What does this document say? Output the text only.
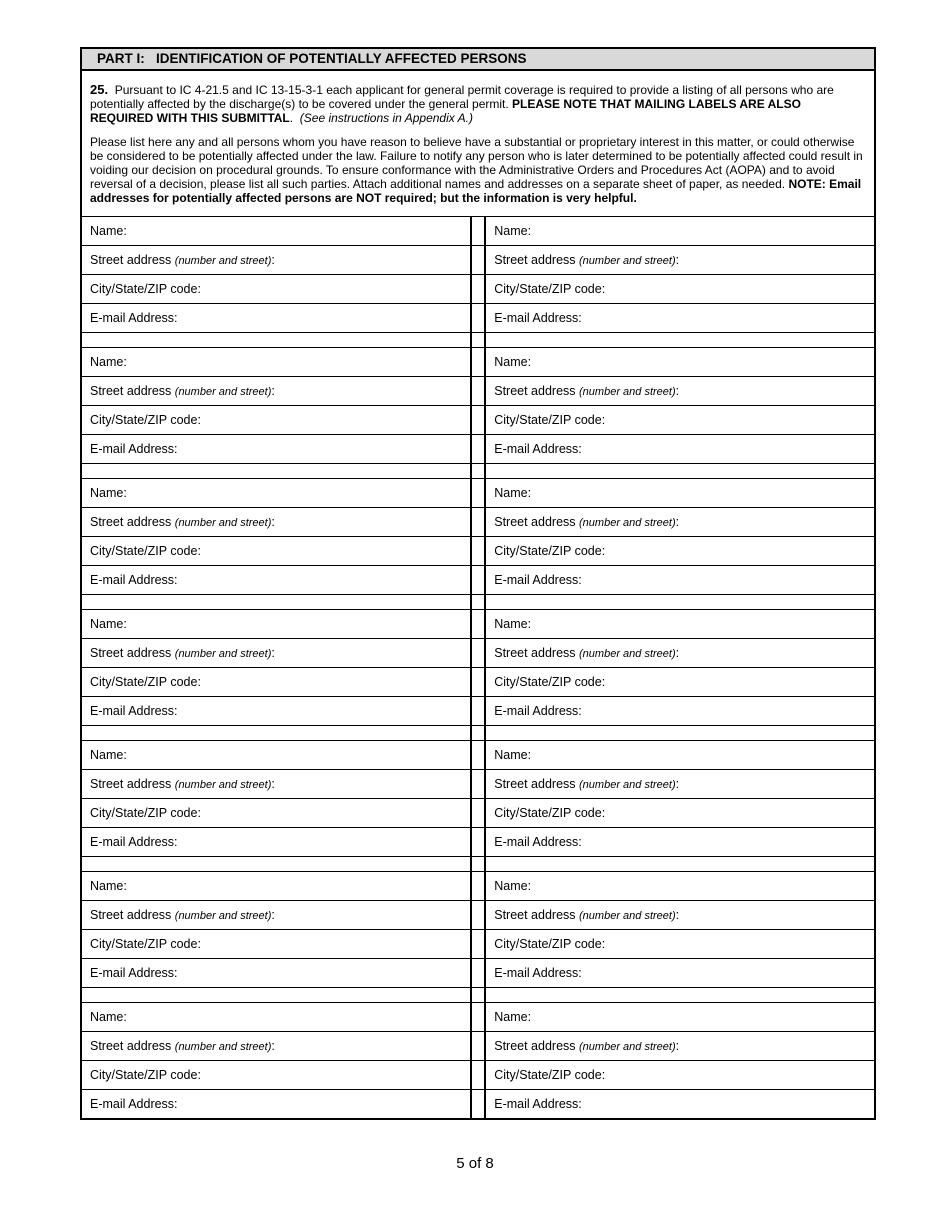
PART I:   IDENTIFICATION OF POTENTIALLY AFFECTED PERSONS

25. Pursuant to IC 4-21.5 and IC 13-15-3-1 each applicant for general permit coverage is required to provide a listing of all persons who are potentially affected by the discharge(s) to be covered under the general permit. PLEASE NOTE THAT MAILING LABELS ARE ALSO REQUIRED WITH THIS SUBMITTAL.  (See instructions in Appendix A.)

Please list here any and all persons whom you have reason to believe have a substantial or proprietary interest in this matter, or could otherwise be considered to be potentially affected under the law. Failure to notify any person who is later determined to be potentially affected could result in voiding our decision on procedural grounds. To ensure conformance with the Administrative Orders and Procedures Act (AOPA) and to avoid reversal of a decision, please list all such parties. Attach additional names and addresses on a separate sheet of paper, as needed. NOTE: Email addresses for potentially affected persons are NOT required; but the information is very helpful.

Name:
Street address (number and street):
City/State/ZIP code:
E-mail Address:
Name:
Street address (number and street):
City/State/ZIP code:
E-mail Address:
Name:
Street address (number and street):
City/State/ZIP code:
E-mail Address:
Name:
Street address (number and street):
City/State/ZIP code:
E-mail Address:
Name:
Street address (number and street):
City/State/ZIP code:
E-mail Address:
Name:
Street address (number and street):
City/State/ZIP code:
E-mail Address:
Name:
Street address (number and street):
City/State/ZIP code:
E-mail Address:
Name:
Street address (number and street):
City/State/ZIP code:
E-mail Address:
Name:
Street address (number and street):
City/State/ZIP code:
E-mail Address:
Name:
Street address (number and street):
City/State/ZIP code:
E-mail Address:
Name:
Street address (number and street):
City/State/ZIP code:
E-mail Address:
Name:
Street address (number and street):
City/State/ZIP code:
E-mail Address:
Name:
Street address (number and street):
City/State/ZIP code:
E-mail Address:
Name:
Street address (number and street):
City/State/ZIP code:
E-mail Address:
5 of 8
